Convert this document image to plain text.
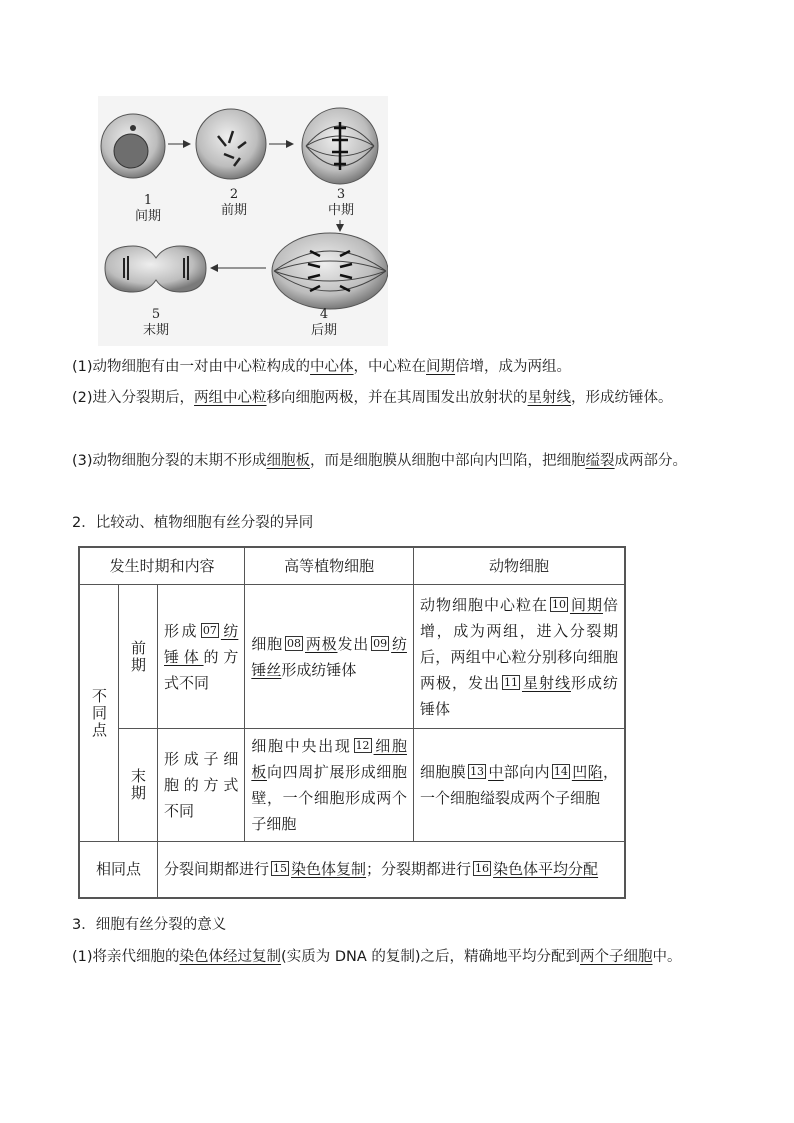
1
间期
2
前期
3
中期
4
后期
5
末期

(1)动物细胞有由一对由中心粒构成的中心体，中心粒在间期倍增，成为两组。

(2)进入分裂期后，两组中心粒移向细胞两极，并在其周围发出放射状的星射线，形成纺锤体。

(3)动物细胞分裂的末期不形成细胞板，而是细胞膜从细胞中部向内凹陷，把细胞缢裂成两部分。

2．比较动、植物细胞有丝分裂的异同

发生时期和内容			高等植物细胞	动物细胞
不同点	前期	形成 07 纺锤体的方式不同	细胞 08 两极发出 09 纺锤丝形成纺锤体	动物细胞中心粒在 10 间期倍增，成为两组，进入分裂期后，两组中心粒分别移向细胞两极，发出 11 星射线形成纺锤体
	末期	形成子细胞的方式不同	细胞中央出现 12 细胞板向四周扩展形成细胞壁，一个细胞形成两个子细胞	细胞膜 13 中部向内 14 凹陷，一个细胞缢裂成两个子细胞
相同点		分裂间期都进行 15 染色体复制；分裂期都进行 16 染色体平均分配		

3．细胞有丝分裂的意义

(1)将亲代细胞的染色体经过复制(实质为 DNA 的复制)之后，精确地平均分配到两个子细胞中。
